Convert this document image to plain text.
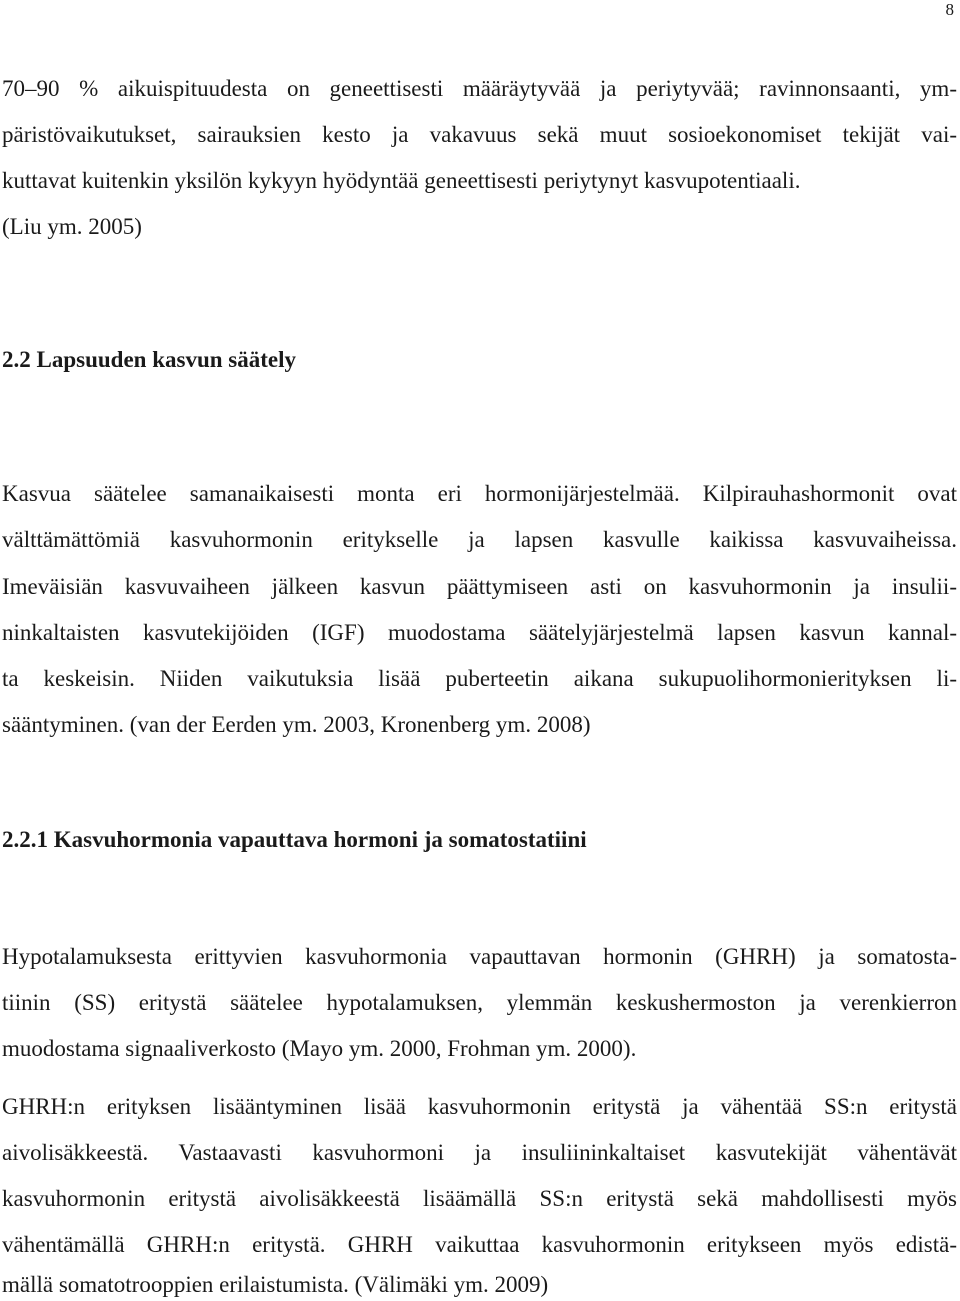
8
70–90 % aikuispituudesta on geneettisesti määräytyvää ja periytyvää; ravinnonsaanti, ym-
päristövaikutukset, sairauksien kesto ja vakavuus sekä muut sosioekonomiset tekijät vai-
kuttavat kuitenkin yksilön kykyyn hyödyntää geneettisesti periytynyt kasvupotentiaali.
(Liu ym. 2005)
2.2 Lapsuuden kasvun säätely
Kasvua säätelee samanaikaisesti monta eri hormonijärjestelmää. Kilpirauhashormonit ovat
välttämättömiä kasvuhormonin eritykselle ja lapsen kasvulle kaikissa kasvuvaiheissa.
Imeväisiän kasvuvaiheen jälkeen kasvun päättymiseen asti on kasvuhormonin ja insulii-
ninkaltaisten kasvutekijöiden (IGF) muodostama säätelyjärjestelmä lapsen kasvun kannal-
ta keskeisin. Niiden vaikutuksia lisää puberteetin aikana sukupuolihormonierityksen li-
sääntyminen. (van der Eerden ym. 2003, Kronenberg ym. 2008)
2.2.1 Kasvuhormonia vapauttava hormoni ja somatostatiini
Hypotalamuksesta erittyvien kasvuhormonia vapauttavan hormonin (GHRH) ja somatosta-
tiinin (SS) eritystä säätelee hypotalamuksen, ylemmän keskushermoston ja verenkierron
muodostama signaaliverkosto (Mayo ym. 2000, Frohman ym. 2000).
GHRH:n erityksen lisääntyminen lisää kasvuhormonin eritystä ja vähentää SS:n eritystä
aivolisäkkeestä. Vastaavasti kasvuhormoni ja insuliininkaltaiset kasvutekijät vähentävät
kasvuhormonin eritystä aivolisäkkeestä lisäämällä SS:n eritystä sekä mahdollisesti myös
vähentämällä GHRH:n eritystä. GHRH vaikuttaa kasvuhormonin eritykseen myös edistä-
mällä somatotrooppien erilaistumista. (Välimäki ym. 2009)
